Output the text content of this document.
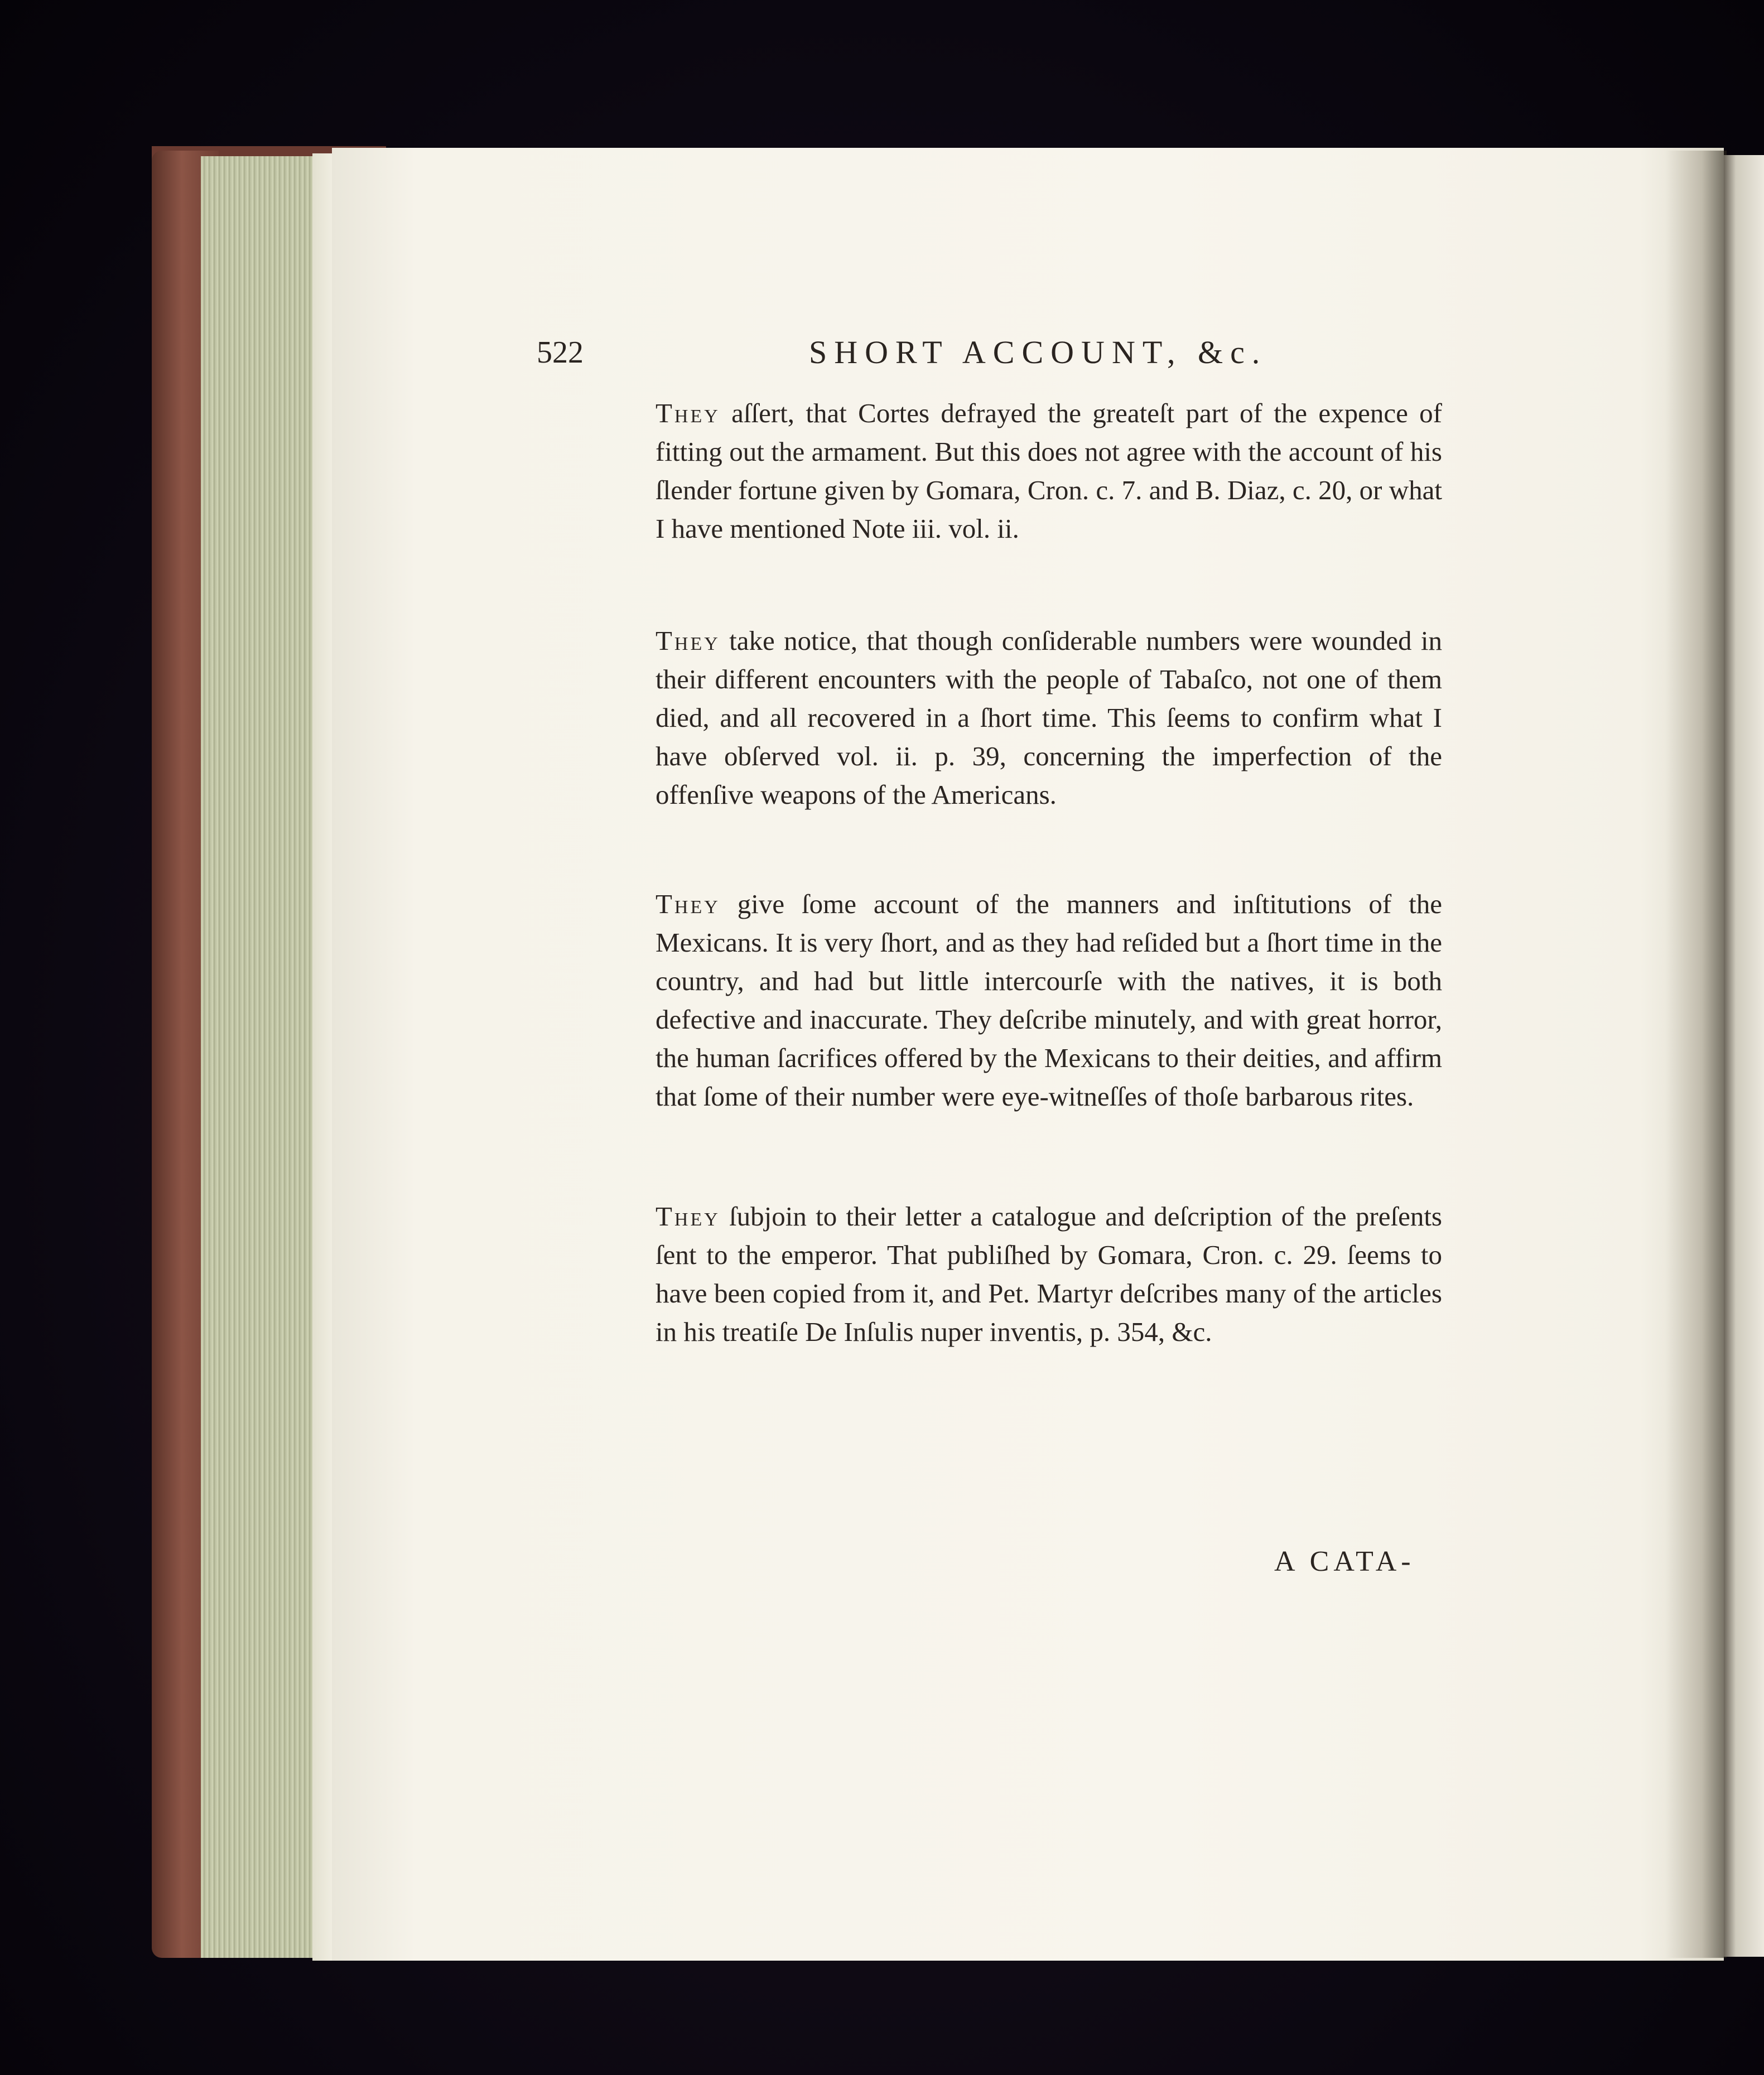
522	SHORT ACCOUNT, &c.

They aſſert, that Cortes defrayed the greateſt part of the expence of fitting out the armament. But this does not agree with the account of his ſlender fortune given by Gomara, Cron. c. 7. and B. Diaz, c. 20, or what I have mentioned Note iii. vol. ii.

They take notice, that though conſiderable numbers were wounded in their different encounters with the people of Tabaſco, not one of them died, and all recovered in a ſhort time. This ſeems to confirm what I have obſerved vol. ii. p. 39, concerning the imperfection of the offenſive weapons of the Americans.

They give ſome account of the manners and inſtitutions of the Mexicans. It is very ſhort, and as they had reſided but a ſhort time in the country, and had but little intercourſe with the natives, it is both defective and inaccurate. They deſcribe minutely, and with great horror, the human ſacrifices offered by the Mexicans to their deities, and affirm that ſome of their number were eye-witneſſes of thoſe barbarous rites.

They ſubjoin to their letter a catalogue and deſcription of the preſents ſent to the emperor. That publiſhed by Gomara, Cron. c. 29. ſeems to have been copied from it, and Pet. Martyr deſcribes many of the articles in his treatiſe De Inſulis nuper inventis, p. 354, &c.

A CATA-
